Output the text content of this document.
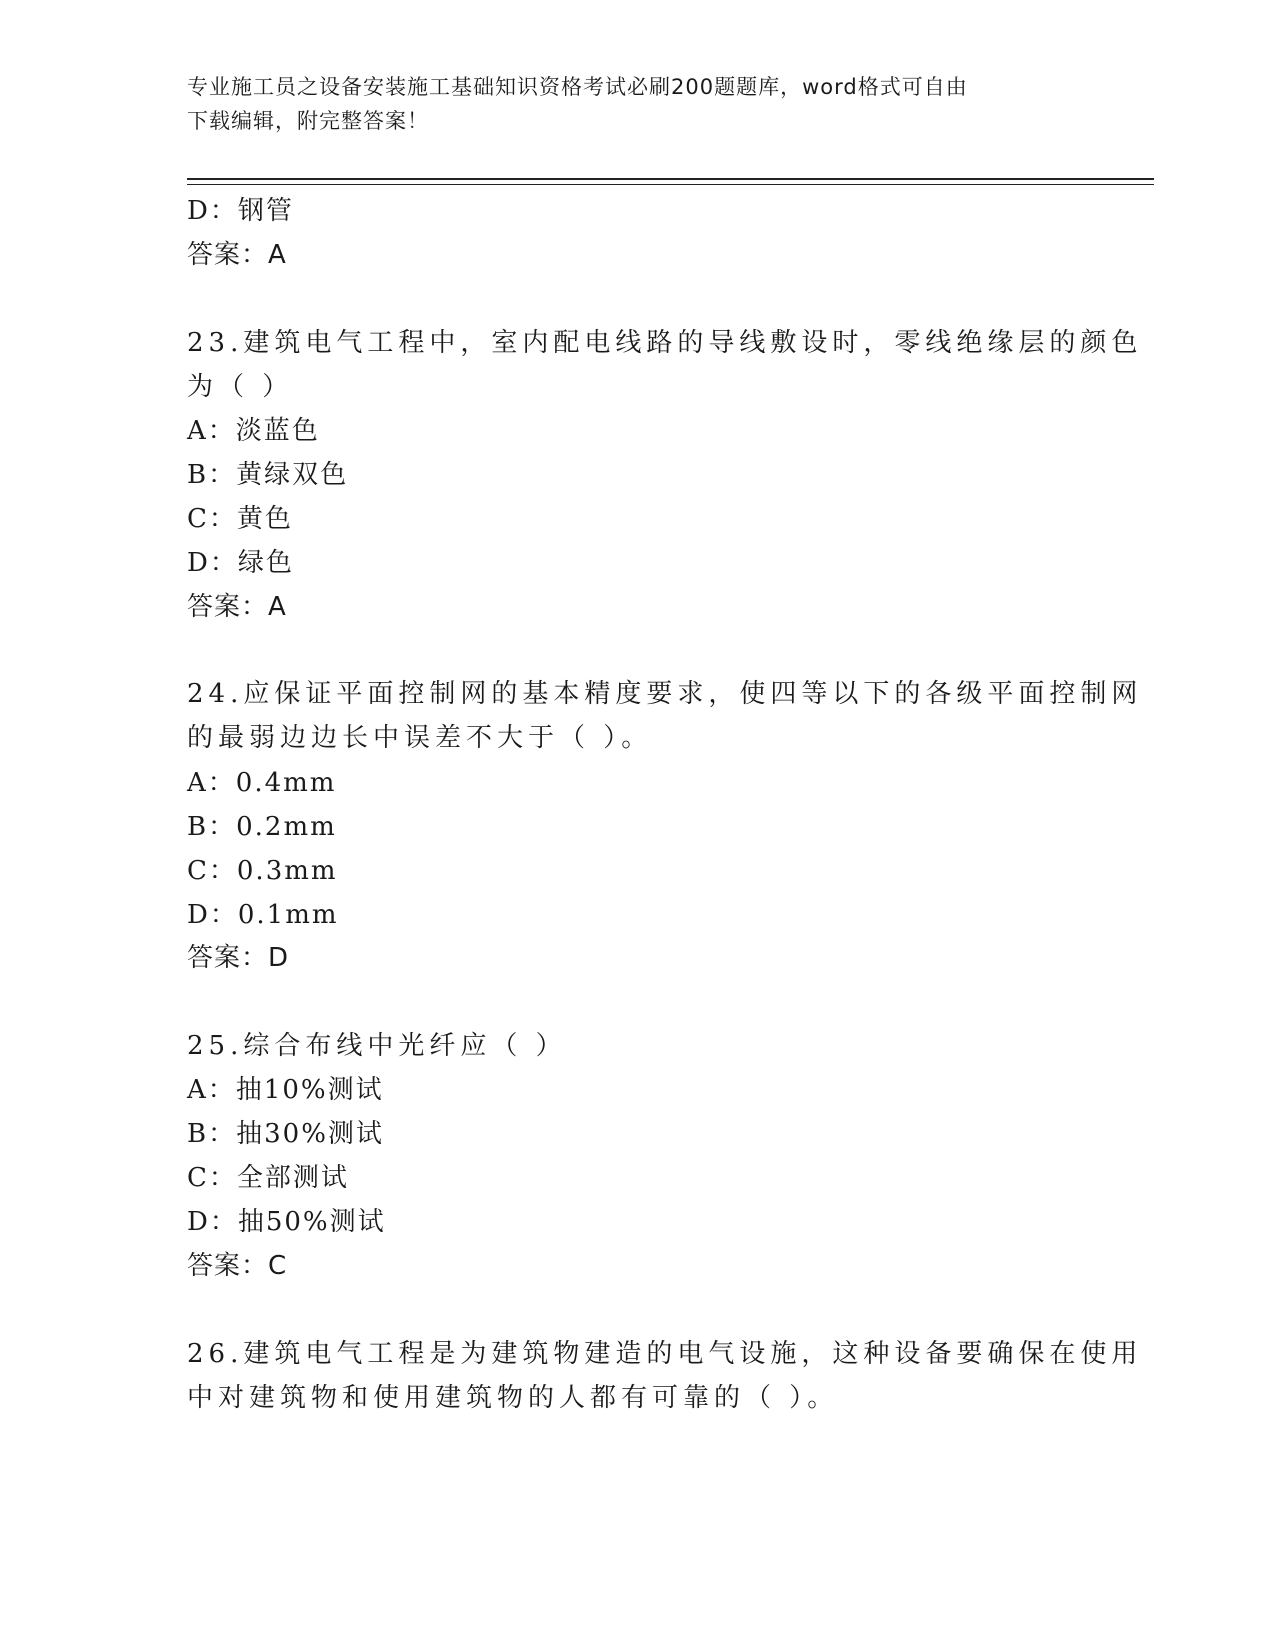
专业施工员之设备安装施工基础知识资格考试必刷200题题库，word格式可自由
下载编辑，附完整答案！
D：钢管
答案：A
23.建筑电气工程中，室内配电线路的导线敷设时，零线绝缘层的颜色
为（ ）
A：淡蓝色
B：黄绿双色
C：黄色
D：绿色
答案：A
24.应保证平面控制网的基本精度要求，使四等以下的各级平面控制网
的最弱边边长中误差不大于（ ）。
A：0.4mm
B：0.2mm
C：0.3mm
D：0.1mm
答案：D
25.综合布线中光纤应（ ）
A：抽10%测试
B：抽30%测试
C：全部测试
D：抽50%测试
答案：C
26.建筑电气工程是为建筑物建造的电气设施，这种设备要确保在使用
中对建筑物和使用建筑物的人都有可靠的（ ）。
